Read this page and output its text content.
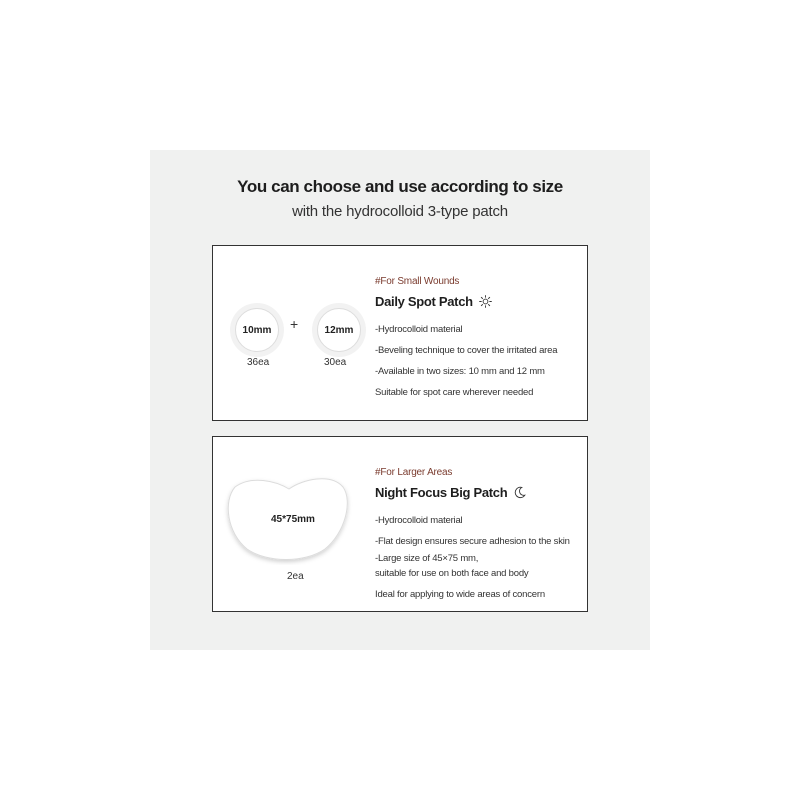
You can choose and use according to size
with the hydrocolloid 3-type patch
10mm +	12mm
36ea	30ea
#For Small Wounds
Daily Spot Patch
-Hydrocolloid material
-Beveling technique to cover the irritated area
-Available in two sizes: 10 mm and 12 mm
Suitable for spot care wherever needed
45*75mm
2ea
#For Larger Areas
Night Focus Big Patch
-Hydrocolloid material
-Flat design ensures secure adhesion to the skin
-Large size of 45×75 mm,
suitable for use on both face and body
Ideal for applying to wide areas of concern
